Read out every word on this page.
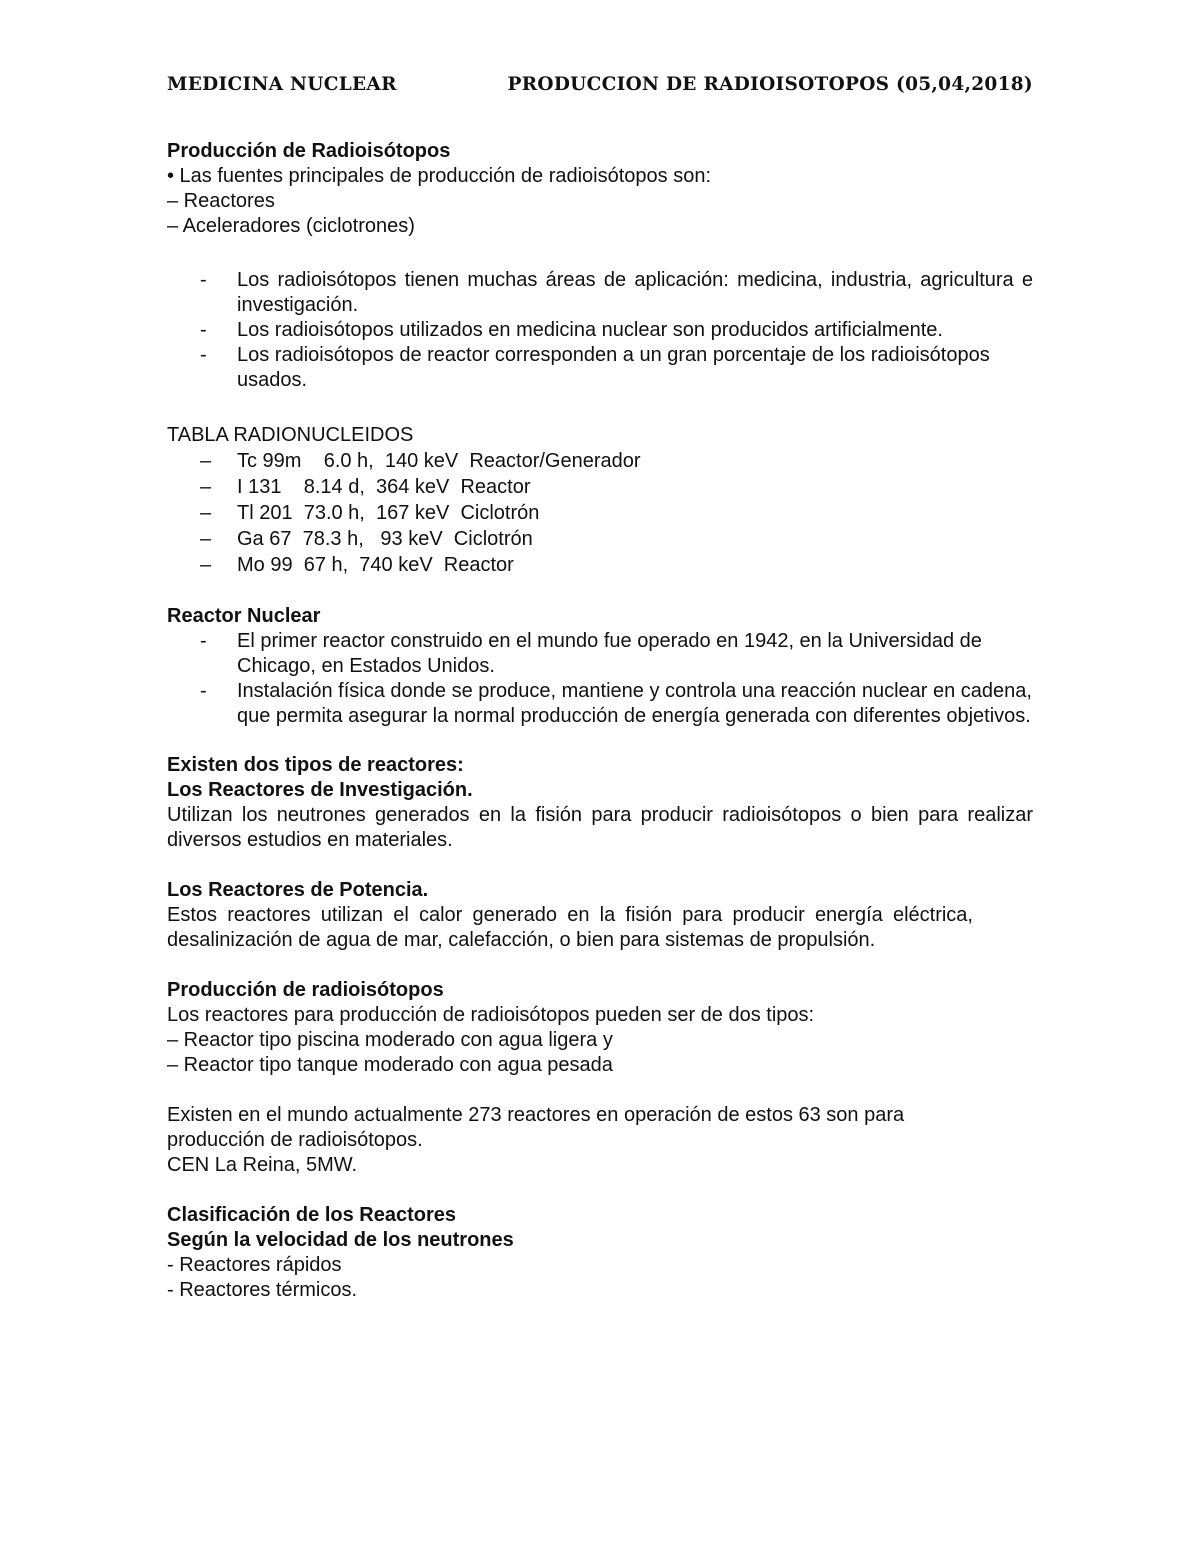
MEDICINA NUCLEAR	PRODUCCION DE RADIOISOTOPOS (05,04,2018)
Producción de Radioisótopos
• Las fuentes principales de producción de radioisótopos son:
– Reactores
– Aceleradores (ciclotrones)
- Los radioisótopos tienen muchas áreas de aplicación: medicina, industria, agricultura e investigación.
- Los radioisótopos utilizados en medicina nuclear son producidos artificialmente.
- Los radioisótopos de reactor corresponden a un gran porcentaje de los radioisótopos usados.
TABLA RADIONUCLEIDOS
– Tc 99m    6.0 h,  140 keV  Reactor/Generador
– I 131    8.14 d,  364 keV  Reactor
– Tl 201  73.0 h,  167 keV  Ciclotrón
– Ga 67  78.3 h,   93 keV  Ciclotrón
– Mo 99  67 h,  740 keV  Reactor
Reactor Nuclear
- El primer reactor construido en el mundo fue operado en 1942, en la Universidad de Chicago, en Estados Unidos.
- Instalación física donde se produce, mantiene y controla una reacción nuclear en cadena, que permita asegurar la normal producción de energía generada con diferentes objetivos.
Existen dos tipos de reactores:
Los Reactores de Investigación.
Utilizan los neutrones generados en la fisión para producir radioisótopos o bien para realizar diversos estudios en materiales.
Los Reactores de Potencia.
Estos reactores utilizan el calor generado en la fisión para producir energía eléctrica, desalinización de agua de mar, calefacción, o bien para sistemas de propulsión.
Producción de radioisótopos
Los reactores para producción de radioisótopos pueden ser de dos tipos:
– Reactor tipo piscina moderado con agua ligera y
– Reactor tipo tanque moderado con agua pesada
Existen en el mundo actualmente 273 reactores en operación de estos 63 son para producción de radioisótopos.
CEN La Reina, 5MW.
Clasificación de los Reactores
Según la velocidad de los neutrones
- Reactores rápidos
- Reactores térmicos.
